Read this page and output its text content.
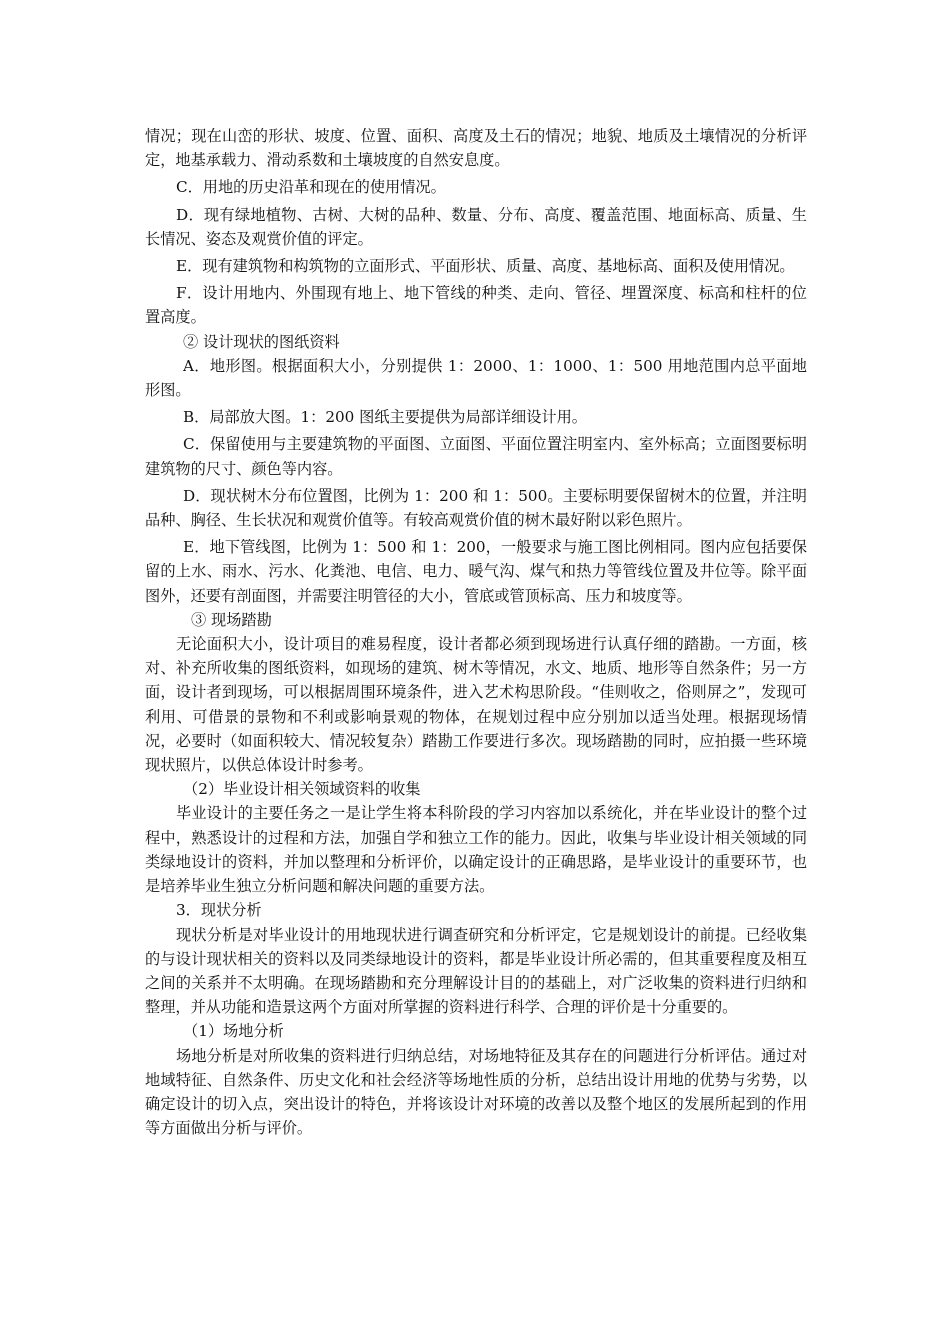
情况；现在山峦的形状、坡度、位置、面积、高度及土石的情况；地貌、地质及土壤情况的分析评定，地基承载力、滑动系数和土壤坡度的自然安息度。

C．用地的历史沿革和现在的使用情况。

D．现有绿地植物、古树、大树的品种、数量、分布、高度、覆盖范围、地面标高、质量、生长情况、姿态及观赏价值的评定。

E．现有建筑物和构筑物的立面形式、平面形状、质量、高度、基地标高、面积及使用情况。

F．设计用地内、外围现有地上、地下管线的种类、走向、管径、埋置深度、标高和柱杆的位置高度。

② 设计现状的图纸资料

A．地形图。根据面积大小，分别提供 1：2000、1：1000、1：500 用地范围内总平面地形图。

B．局部放大图。1：200 图纸主要提供为局部详细设计用。

C．保留使用与主要建筑物的平面图、立面图、平面位置注明室内、室外标高；立面图要标明建筑物的尺寸、颜色等内容。

D．现状树木分布位置图，比例为 1：200 和 1：500。主要标明要保留树木的位置，并注明品种、胸径、生长状况和观赏价值等。有较高观赏价值的树木最好附以彩色照片。

E．地下管线图，比例为 1：500 和 1：200，一般要求与施工图比例相同。图内应包括要保留的上水、雨水、污水、化粪池、电信、电力、暖气沟、煤气和热力等管线位置及井位等。除平面图外，还要有剖面图，并需要注明管径的大小，管底或管顶标高、压力和坡度等。

③ 现场踏勘

无论面积大小，设计项目的难易程度，设计者都必须到现场进行认真仔细的踏勘。一方面，核对、补充所收集的图纸资料，如现场的建筑、树木等情况，水文、地质、地形等自然条件；另一方面，设计者到现场，可以根据周围环境条件，进入艺术构思阶段。“佳则收之，俗则屏之”，发现可利用、可借景的景物和不利或影响景观的物体，在规划过程中应分别加以适当处理。根据现场情况，必要时（如面积较大、情况较复杂）踏勘工作要进行多次。现场踏勘的同时，应拍摄一些环境现状照片，以供总体设计时参考。

（2）毕业设计相关领域资料的收集

毕业设计的主要任务之一是让学生将本科阶段的学习内容加以系统化，并在毕业设计的整个过程中，熟悉设计的过程和方法，加强自学和独立工作的能力。因此，收集与毕业设计相关领域的同类绿地设计的资料，并加以整理和分析评价，以确定设计的正确思路，是毕业设计的重要环节，也是培养毕业生独立分析问题和解决问题的重要方法。

3．现状分析

现状分析是对毕业设计的用地现状进行调查研究和分析评定，它是规划设计的前提。已经收集的与设计现状相关的资料以及同类绿地设计的资料，都是毕业设计所必需的，但其重要程度及相互之间的关系并不太明确。在现场踏勘和充分理解设计目的的基础上，对广泛收集的资料进行归纳和整理，并从功能和造景这两个方面对所掌握的资料进行科学、合理的评价是十分重要的。

（1）场地分析

场地分析是对所收集的资料进行归纳总结，对场地特征及其存在的问题进行分析评估。通过对地域特征、自然条件、历史文化和社会经济等场地性质的分析，总结出设计用地的优势与劣势，以确定设计的切入点，突出设计的特色，并将该设计对环境的改善以及整个地区的发展所起到的作用等方面做出分析与评价。
